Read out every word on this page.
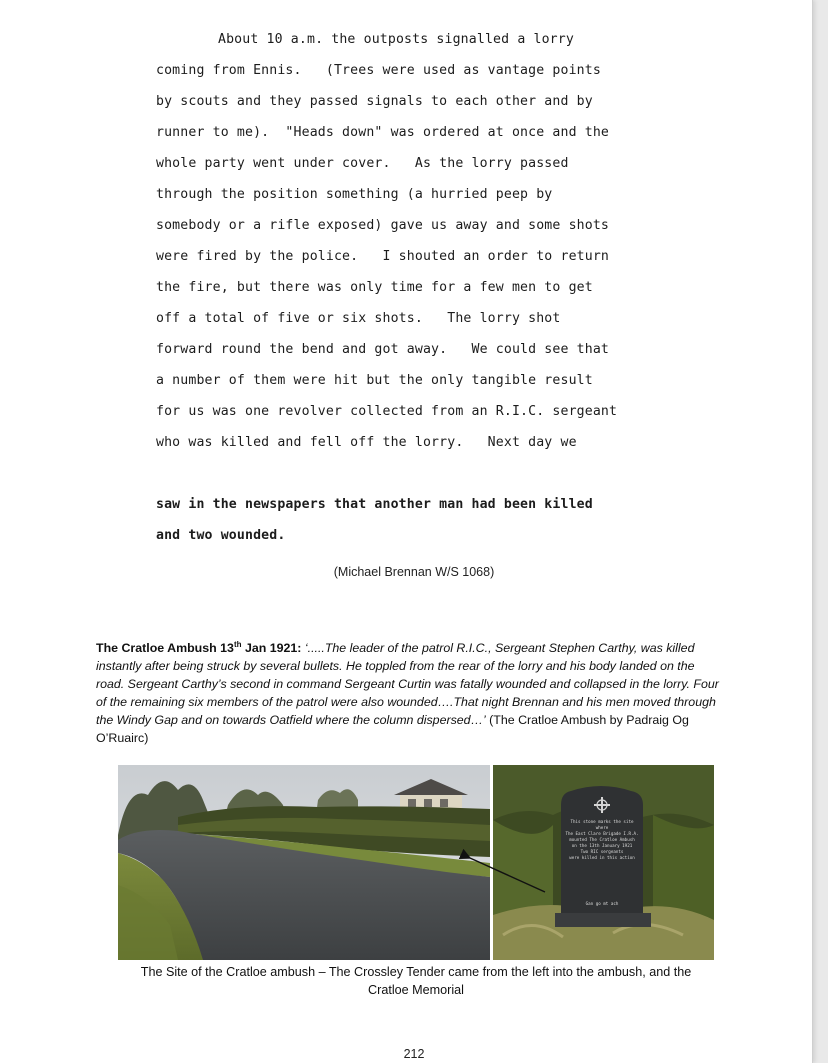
About 10 a.m. the outposts signalled a lorry
coming from Ennis.   (Trees were used as vantage points
by scouts and they passed signals to each other and by
runner to me).  "Heads down" was ordered at once and the
whole party went under cover.   As the lorry passed
through the position something (a hurried peep by
somebody or a rifle exposed) gave us away and some shots
were fired by the police.   I shouted an order to return
the fire, but there was only time for a few men to get
off a total of five or six shots.   The lorry shot
forward round the bend and got away.   We could see that
a number of them were hit but the only tangible result
for us was one revolver collected from an R.I.C. sergeant
who was killed and fell off the lorry.   Next day we
saw in the newspapers that another man had been killed
and two wounded.
(Michael Brennan W/S 1068)
The Cratloe Ambush 13th Jan 1921: ‘.....The leader of the patrol R.I.C., Sergeant Stephen Carthy, was killed instantly after being struck by several bullets. He toppled from the rear of the lorry and his body landed on the road. Sergeant Carthy’s second in command Sergeant Curtin was fatally wounded and collapsed in the lorry. Four of the remaining six members of the patrol were also wounded….That night Brennan and his men moved through the Windy Gap and on towards Oatfield where the column dispersed…’ (The Cratloe Ambush by Padraig Og O’Ruairc)
This stone marks the site
where
The East Clare Brigade I.R.A.
mounted The Cratloe Ambush
on the 13th January 1921
Two RIC sergeants
were killed in this action
Gan go mt ach
The Site of the Cratloe ambush – The Crossley Tender came from the left into the ambush, and the
Cratloe Memorial
212
